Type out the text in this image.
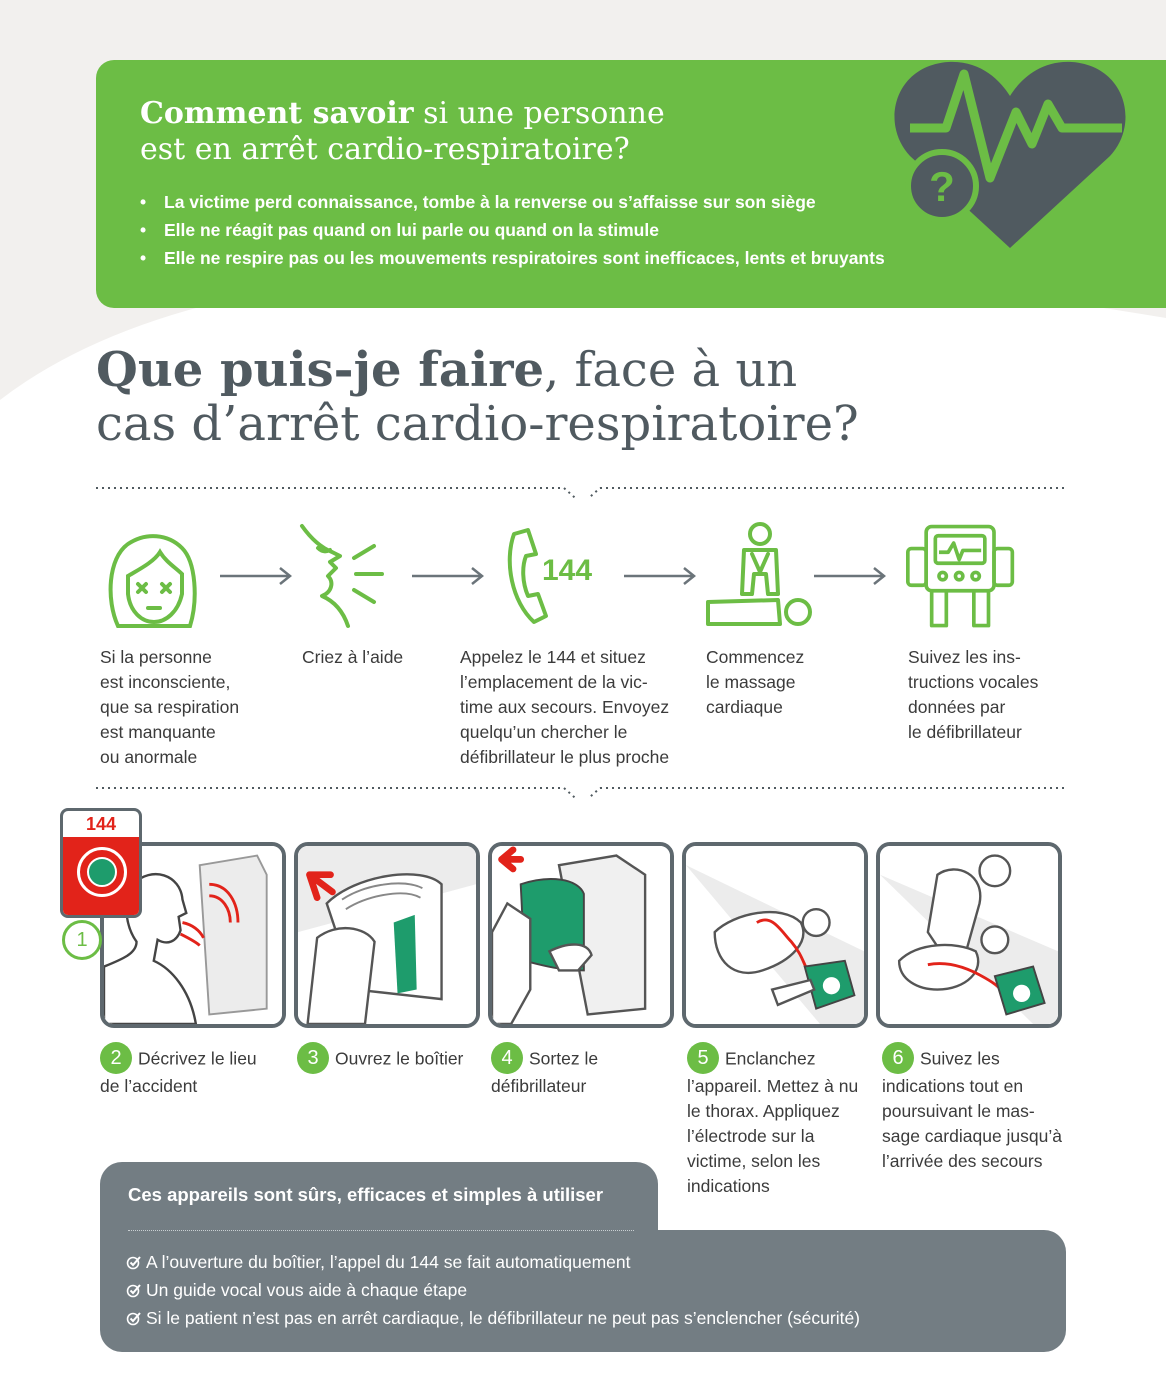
Comment savoir si une personne
est en arrêt cardio-respiratoire?
• La victime perd connaissance, tombe à la renverse ou s’affaisse sur son siège
• Elle ne réagit pas quand on lui parle ou quand on la stimule
• Elle ne respire pas ou les mouvements respiratoires sont inefficaces, lents et bruyants
?
Que puis-je faire, face à un
cas d’arrêt cardio-respiratoire?
144
Si la personne
est inconsciente,
que sa respiration
est manquante
ou anormale
Criez à l’aide	Appelez le 144 et situez
l’emplacement de la vic-
time aux secours. Envoyez
quelqu’un chercher le
défibrillateur le plus proche
Commencez
le massage
cardiaque
Suivez les ins-
tructions vocales
données par
le défibrillateur
144
1
2 Décrivez le lieu
de l’accident
3 Ouvrez le boîtier	4 Sortez le
défibrillateur
5 Enclanchez
l’appareil. Mettez à nu
le thorax. Appliquez
l’électrode sur la
victime, selon les
indications
6 Suivez les
indications tout en
poursuivant le mas-
sage cardiaque jusqu’à
l’arrivée des secours
Ces appareils sont sûrs, efficaces et simples à utiliser
A l’ouverture du boîtier, l’appel du 144 se fait automatiquement
Un guide vocal vous aide à chaque étape
Si le patient n’est pas en arrêt cardiaque, le défibrillateur ne peut pas s’enclencher (sécurité)
